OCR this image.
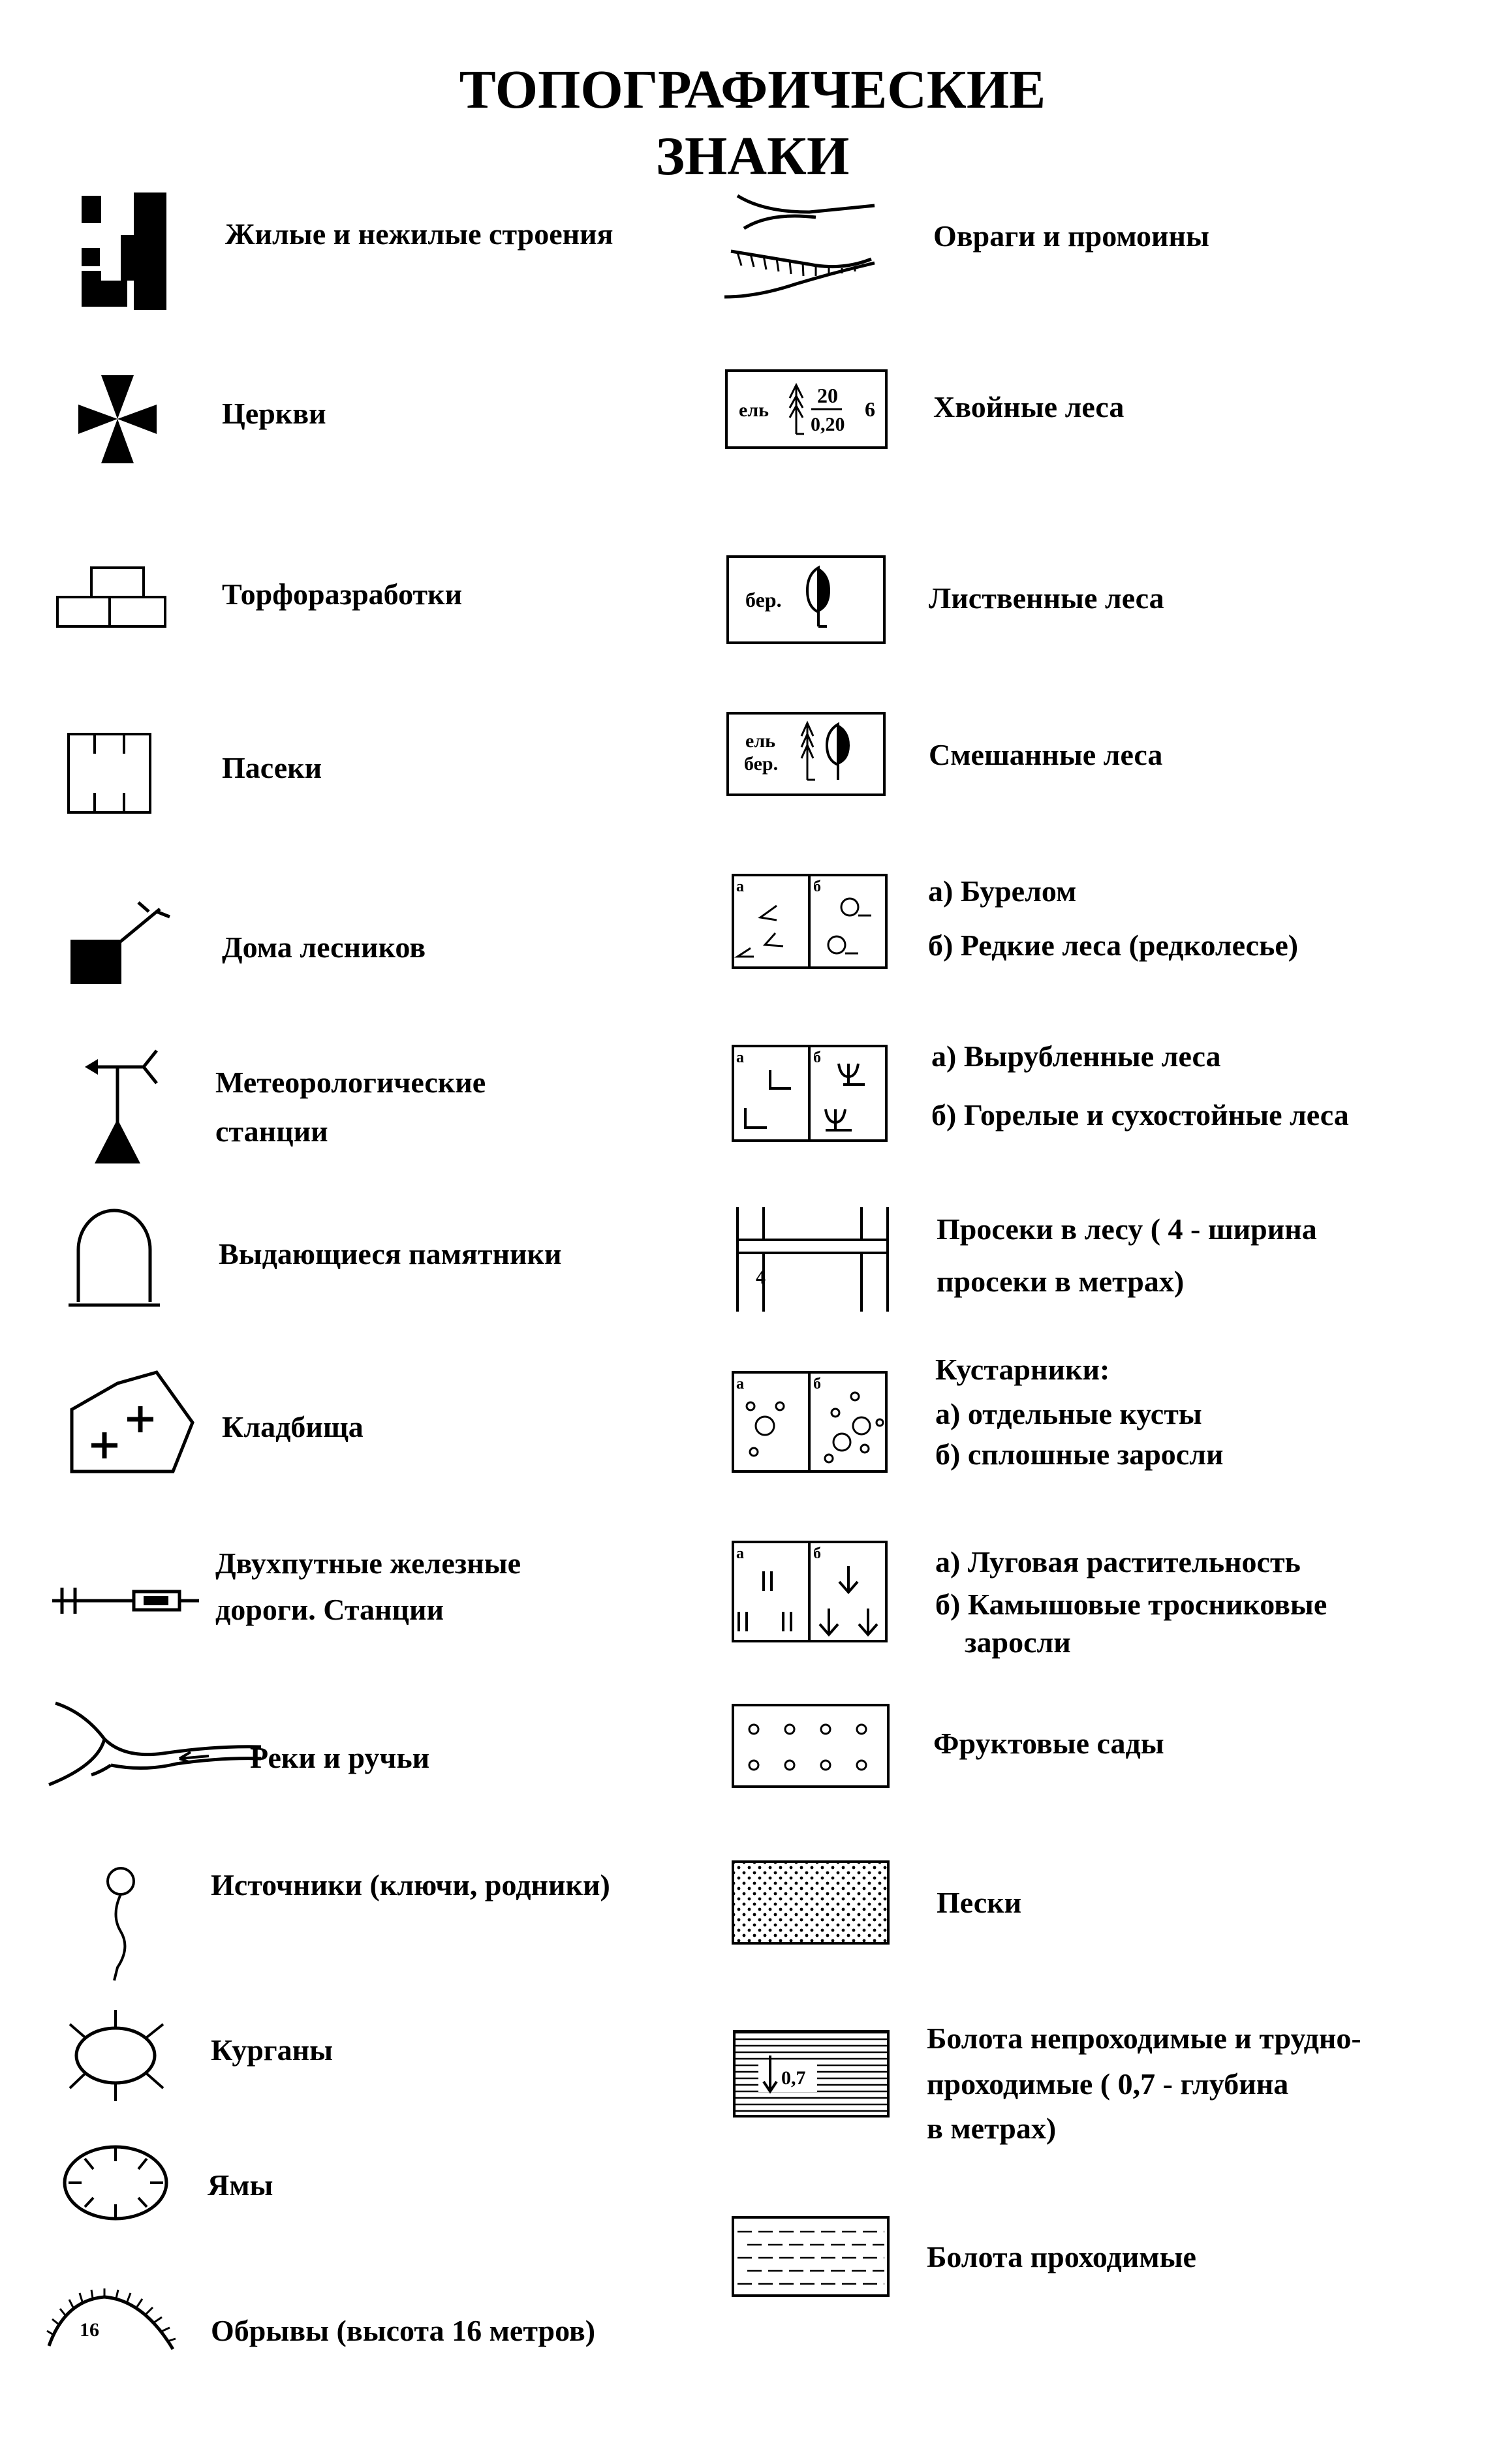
ТОПОГРАФИЧЕСКИЕ
ЗНАКИ
Жилые и нежилые строения
Церкви
Торфоразработки
Пасеки
Дома лесников
Метеорологические
станции
Выдающиеся памятники
Кладбища
Двухпутные железные
дороги. Станции
Реки и ручьи
Источники (ключи, родники)
Курганы
Ямы
16	Обрывы (высота 16 метров)
Овраги и промоины
ель
20
0,20
6 Хвойные леса
бер.	Лиственные леса
ель
бер.	Смешанные леса
а	б	а) Бурелом
б) Редкие леса (редколесье)
а	б	а) Вырубленные леса
б) Горелые и сухостойные леса
4
Просеки в лесу ( 4 - ширина
просеки в метрах)
а	б	Кустарники:
а) отдельные кусты
б) сплошные заросли
а	б	а) Луговая растительность
б) Камышовые тросниковые
заросли
Фруктовые сады
Пески
0,7
Болота непроходимые и трудно-
проходимые ( 0,7 - глубина
в метрах)
Болота проходимые
